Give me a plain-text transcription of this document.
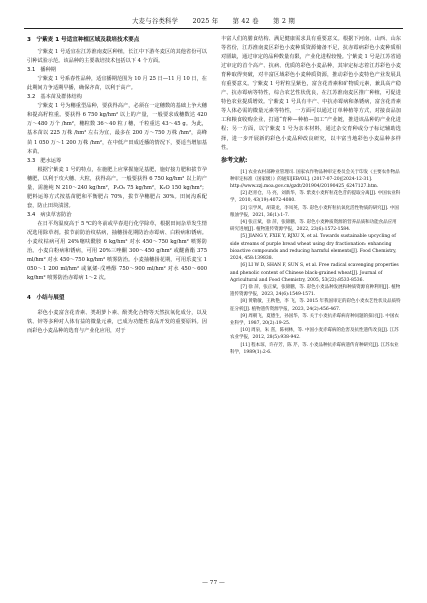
大麦与谷类科学 2025 年 第 42 卷 第 2 期
3　宁紫麦 1 号适宜种植区域及栽培技术要点

宁紫麦 1 号适宜在江苏淮南麦区种植，长江中下游冬麦区的其他省份可以引种试验示范。该品种的主要栽培技术包括以下 4 个方面。

3.1　播种期

宁紫麦 1 号系春性品种，适宜播期范围为 10 月 25 日—11 月 10 日，在此期间力争适期早播，确保齐苗，以利于高产。

3.2　基本苗及群体结构

宁紫麦 1 号为穗重型品种，要获得高产，必须在一定穗数的基础上争大穗和提高籽粒重。要获得 6 750 kg/hm² 以上的产量，一般要求成穗数达 420 万～480 万个 /hm²，穗粒数 36～40 粒 / 穗，千粒重达 43～45 g。为此，基本苗以 225 万株 /hm² 左右为宜，最多在 200 万～750 万株 /hm²，高峰苗 1 050 万～1 200 万株 /hm²，在中低产田成近播的情况下，要适当增加基本苗。

3.3　肥水运筹

根据宁紫麦 1 号的特点，在施肥上应掌握施足基肥，施好接力肥和拔节孕穗肥，以利于攻大穗、大粒，获得高产。一般要获得 6 750 kg/hm² 以上的产量，需施纯 N 210～240 kg/hm²，P₂O₅ 75 kg/hm²，K₂O 150 kg/hm²；肥料运筹方式按基苗肥和平衡肥占 70%，拔节孕穗肥占 30%。田间沟系配套，防止田块渍涝。

3.4　病虫草害防治

在日平均温度高于 5 ℃的冬前或早春进行化学除草，根据田间杂草发生情况选用除草剂。拔节前防治纹枯病，抽穗扬花期防治赤霉病、白粉病和锈病。小麦纹枯病可用 24%噻呋酰胺 6 kg/hm² 对水 450～750 kg/hm² 喷雾防治。小麦白粉病和锈病，可用 20%三唑酮 300～450 g/hm² 或醚菌酯 375 ml/hm² 对水 450～750 kg/hm² 喷雾防治。小麦抽穗扬花期，可用乐麦宝 1 050～1 200 ml/hm² 或氰烯·戊唑醇 750～900 ml/hm² 对水 450～600 kg/hm² 喷雾防治赤霉病 1～2 次。

4　小结与展望

彩色小麦富含花青素、类胡萝卜素、酚类化合物等天然抗氧化成分，以及铁、锌等多种对人体有益的微量元素，已成为功能性食品开发的重要原料。因而彩色小麦品种的选育与产业化应用，对于

丰富人们的膳食结构、满足健康需求具有重要意义。根据下河南、山西、山东等省份，江苏淮南麦区彩色小麦种质资源储备不足，抗赤霉病彩色小麦种质相对匮缺，通过审定的品种数量有限，产业化进程较慢。宁紫麦 1 号是江苏省通过审定的首个高产、抗病、优质的彩色小麦品种，其审定标志着江苏彩色小麦育种取得突破，对丰富区域彩色小麦种质资源，推动彩色小麦特色产业发展具有重要意义。宁紫麦 1 号籽粒呈紫色，富含花青素和矿物质元素，兼具高产稳产、抗赤霉病等特性，综合农艺性状优良，在江苏淮南麦区推广种植，可促进特色农业提质增效。宁紫麦 1 号具有丰产、中抗赤霉病和条锈病，富含花青素等人体必需的微量元素等特性，一方面可以通过订单种植等方式，对接食品加工和粮食收购企业，打通“育种—种植—加工”产业链，推进该品种的产业化进程；另一方面，以宁紫麦 1 号为亲本材料，通过杂交育种或分子标记辅助选择，进一步开展新的彩色小麦品种改良研究，以丰富当地彩色小麦品种多样性。

参考文献:

[1] 农业农村部种业管理司. 国家农作物品种审定委员会关于印发《主要农作物品种审定标准（国家级）》的通知[EB/OL]. (2017-07-20)[2024-12-31]. http://www.zzj.moa.gov.cn/gzdt/201904/20190425_6247127.htm.

[2] 赵青仓，马 亮，刘新华，等. 紫麦小麦籽粒花色苷的提取分离[J]. 中国农业科学，2010, 43(19):4072-4080.

[3] 宗学风，胡秉龙，李凤英，等. 彩色小麦籽粒抗氧化活性物质的研究[J]. 中国粮油学报，2021, 36(1):1-7.

[4] 张正斌，徐 萍，张锦鹏，等. 彩色小麦种质资源的营养品质和功能食品应用研究进展[J]. 植物遗传资源学报，2022, 23(6):1572-1584.

[5] JIANG Y, FXIE Y, RJXU X, et al. Towards sustainable upcycling of side streams of purple bread wheat using dry fractionation: enhancing bioactive compounds and reducing harmful elements[J]. Food Chemistry, 2024, 458:139838.

[6] LI W D, SHAN F, SUN S, et al. Free radical scavenging properties and phenolic content of Chinese black-grained wheat[J]. Journal of Agricultural and Food Chemistry, 2005, 53(22):8533-8536.

[7] 徐 萍，张正斌，张锦鹏，等. 彩色小麦品种发展和种质资源育种利用[J]. 植物遗传资源学报，2023, 24(6):1549-1571.

[8] 黄敬敏，王秋艳，李 飞，等. 2015 年我国审定的彩色小麦农艺性状及品质特征分析[J]. 植物遗传资源学报，2023, 24(2):456-467.

[9] 周朝飞，夏德生，孙国华，等. 关于小麦抗赤霉病育种问题的探讨[J]. 中国农业科学，1987, 20(2):19-25.

[10] 周泉，朱 熹，陈祠林，等. 中国小麦赤霉病的危害及抗性遗传改良[J]. 江苏农业学报，2012, 28(5):938-942.

[11] 程本琼，许存芳，陈 芹，等. 小麦品种抗赤霉病遗传育种研究[J]. 江苏农业科学，1989(1):2-6.

— 77 —
